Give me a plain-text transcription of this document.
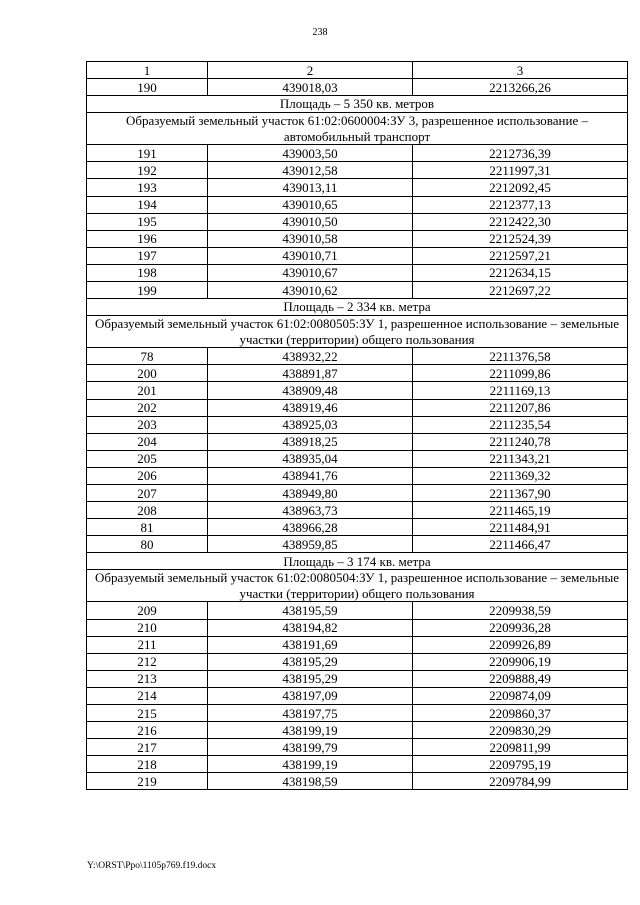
238
1	2	3
190	439018,03	2213266,26
Площадь – 5 350 кв. метров		
Образуемый земельный участок 61:02:0600004:ЗУ 3, разрешенное использование – автомобильный транспорт		
191	439003,50	2212736,39
192	439012,58	2211997,31
193	439013,11	2212092,45
194	439010,65	2212377,13
195	439010,50	2212422,30
196	439010,58	2212524,39
197	439010,71	2212597,21
198	439010,67	2212634,15
199	439010,62	2212697,22
Площадь – 2 334 кв. метра		
Образуемый земельный участок 61:02:0080505:ЗУ 1, разрешенное использование – земельные участки (территории) общего пользования		
78	438932,22	2211376,58
200	438891,87	2211099,86
201	438909,48	2211169,13
202	438919,46	2211207,86
203	438925,03	2211235,54
204	438918,25	2211240,78
205	438935,04	2211343,21
206	438941,76	2211369,32
207	438949,80	2211367,90
208	438963,73	2211465,19
81	438966,28	2211484,91
80	438959,85	2211466,47
Площадь – 3 174 кв. метра		
Образуемый земельный участок 61:02:0080504:ЗУ 1, разрешенное использование – земельные участки (территории) общего пользования		
209	438195,59	2209938,59
210	438194,82	2209936,28
211	438191,69	2209926,89
212	438195,29	2209906,19
213	438195,29	2209888,49
214	438197,09	2209874,09
215	438197,75	2209860,37
216	438199,19	2209830,29
217	438199,79	2209811,99
218	438199,19	2209795,19
219	438198,59	2209784,99
Y:\ORST\Ppo\1105p769.f19.docx
